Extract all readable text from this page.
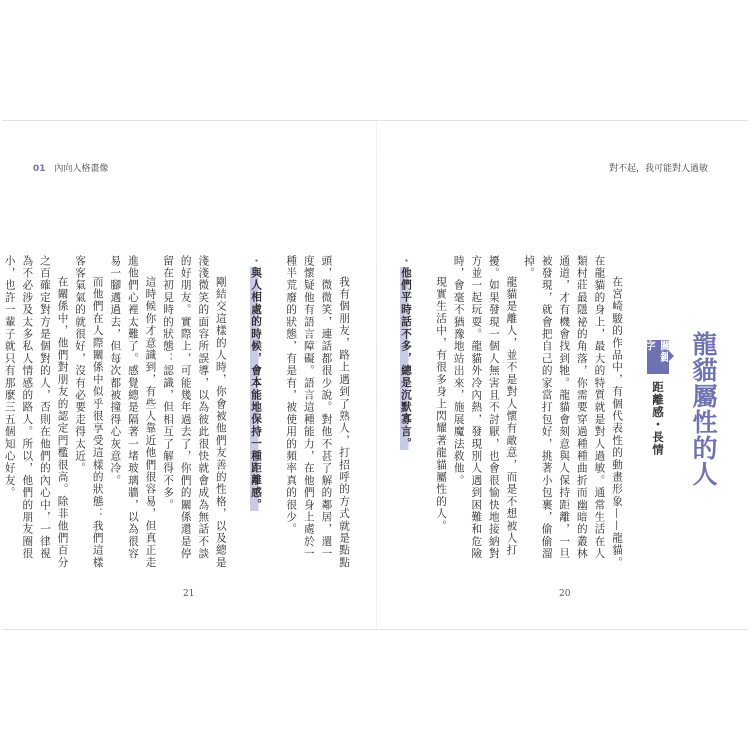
01 內向人格畫像	對不起，我可能對人過敏
龍貓屬性的人
關鍵字
距離感・長情

在宮崎駿的作品中，有個代表性的動畫形象——龍貓。在龍貓的身上，最大的特質就是對人過敏。通常生活在人類村莊最隱祕的角落，你需要穿過種種曲折而幽暗的叢林通道，才有機會找到牠。龍貓會刻意與人保持距離，一旦被發現，就會把自己的家當打包好，挑著小包裹，偷偷溜掉。

龍貓是離人，並不是對人懷有敵意，而是不想被人打擾。如果發現一個人無害且不討厭，也會很愉快地接納對方並一起玩耍。龍貓外冷內熱，發現別人遇到困難和危險時，會毫不猶豫地站出來，施展魔法救他。

現實生活中，有很多身上閃耀著龍貓屬性的人。

・他們平時話不多，總是沉默寡言。

20

我有個朋友，路上遇到了熟人，打招呼的方式就是點點頭，微微笑，連話都很少說。對他不甚了解的鄰居，還一度懷疑他有語言障礙。語言這種能力，在他們身上處於一種半荒廢的狀態，有是有，被使用的頻率真的很少。

・與人相處的時候，會本能地保持一種距離感。

剛結交這樣的人時，你會被他們友善的性格，以及總是淺淺微笑的面容所誤導，以為彼此很快就會成為無話不談的好朋友。實際上，可能幾年過去了，你們的關係還是停留在初見時的狀態：認識，但相互了解得不多。

這時候你才意識到，有些人靠近他們很容易，但真正走進他們心裡太難了。感覺總是隔著一堵玻璃牆，以為很容易一腳邁過去，但每次都被撞得心灰意冷。

而他們在人際關係中似乎很享受這樣的狀態：我們這樣客客氣氣的就很好，沒有必要走得太近。

在關係中，他們對朋友的認定門檻很高。除非他們百分之百確定對方是個對的人，否則在他們的內心中，一律視為不必涉及太多私人情感的路人。所以，他們的朋友圈很小，也許一輩子就只有那麼三五個知心好友。

21
